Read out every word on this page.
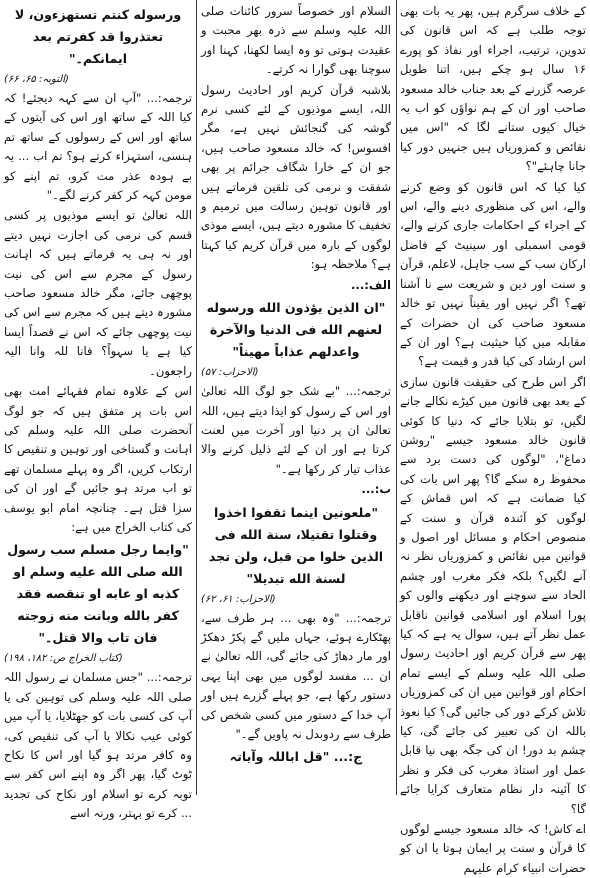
کے خلاف سرگرم ہیں، پھر یہ بات بھی توجہ طلب ہے کہ اس قانون کی تدوین، ترتیب، اجراء اور نفاذ کو پورے ۱۶ سال ہو چکے ہیں، اتنا طویل عرصہ گزرنے کے بعد جناب خالد مسعود صاحب اور ان کے ہم نواؤں کو اب یہ خیال کیوں ستانے لگا کہ "اس میں نقائص و کمزوریاں ہیں جنہیں دور کیا جانا چاہئے"؟

کیا کیا کہ اس قانون کو وضع کرنے والے، اس کی منظوری دینے والے، اس کے اجراء کے احکامات جاری کرنے والے، قومی اسمبلی اور سینیٹ کے فاضل ارکان سب کے سب جاہل، لاعلم، قرآن و سنت اور دین و شریعت سے نا آشنا تھے؟ اگر نہیں اور یقیناً نہیں تو خالد مسعود صاحب کی ان حضرات کے مقابلہ میں کیا حیثیت ہے؟ اور ان کے اس ارشاد کی کیا قدر و قیمت ہے؟

اگر اس طرح کی حقیقت قانون سازی کے بعد بھی قانون میں کیڑے نکالے جانے لگیں، تو بتلایا جائے کہ دنیا کا کوئی قانون خالد مسعود جیسے "روشن دماغ"، "لوگوں کی دست برد سے محفوظ رہ سکے گا؟ پھر اس بات کی کیا ضمانت ہے کہ اس قماش کے لوگوں کو آئندہ قرآن و سنت کے منصوص احکام و مسائل اور اصول و قوانین میں نقائص و کمزوریاں نظر نہ آنے لگیں؟ بلکہ فکر مغرب اور چشم الحاد سے سوچنے اور دیکھنے والوں کو پورا اسلام اور اسلامی قوانین ناقابل عمل نظر آتے ہیں، سوال یہ ہے کہ کیا پھر سے قرآن کریم اور احادیث رسول صلی اللہ علیہ وسلم کے ایسے تمام احکام اور قوانین میں ان کی کمزوریاں تلاش کرکے دور کی جائیں گی؟ کیا نعوذ باللہ ان کی تعبیر کی جائے گی، کیا چشم بد دور! ان کی جگہ بھی نیا قابل عمل اور استاذ مغرب کی فکر و نظر کا آئینہ دار نظام متعارف کرایا جائے گا؟

اے کاش! کہ خالد مسعود جیسے لوگوں کا قرآن و سنت پر ایمان ہوتا یا ان کو حضرات انبیاء کرام علیہم

السلام اور خصوصاً سرور کائنات صلی اللہ علیہ وسلم سے ذرہ بھر محبت و عقیدت ہوتی تو وہ ایسا لکھنا، کہنا اور سوچنا بھی گوارا نہ کرتے۔

بلاشبہ قرآن کریم اور احادیث رسول اللہ، ایسے موذیوں کے لئے کسی نرم گوشہ کی گنجائش نہیں ہے، مگر افسوس! کہ خالد مسعود صاحب ہیں، جو ان کے خارا شگاف جرائم پر بھی شفقت و نرمی کی تلقین فرماتے ہیں اور قانون توہین رسالت میں ترمیم و تخفیف کا مشورہ دیتے ہیں، ایسے موذی لوگوں کے بارہ میں قرآن کریم کیا کہتا ہے؟ ملاحظہ ہو:

الف:...

"ان الذین یؤذون الله ورسوله لعنهم الله فی الدنیا والآخرة واعدلهم عذاباً مهیناً"

(الاحزاب: ۵۷)

ترجمہ:... "بے شک جو لوگ اللہ تعالیٰ اور اس کے رسول کو ایذا دیتے ہیں، اللہ تعالیٰ ان پر دنیا اور آخرت میں لعنت کرتا ہے اور ان کے لئے ذلیل کرنے والا عذاب تیار کر رکھا ہے۔"

ب:...

"ملعونین اینما ثقفوا اخذوا وقتلوا تقتیلا، سنة الله فی الذین خلوا من قبل، ولن تجد لسنة الله تبدیلا"

(الاحزاب: ۶۱، ۶۲)

ترجمہ:... "وہ بھی ... ہر طرف سے، پھٹکارے ہوئے، جہاں ملیں گے پکڑ دھکڑ اور مار دھاڑ کی جائے گی، اللہ تعالیٰ نے ان ... مفسد لوگوں میں بھی اپنا یہی دستور رکھا ہے، جو پہلے گزرے ہیں اور آپ خدا کے دستور میں کسی شخص کی طرف سے ردوبدل نہ پاویں گے۔"

ج:... "قل اباللہ وآیاتہ

ورسوله کنتم تستهزءون، لا تعتذروا قد کفرتم بعد ایمانکم۔"

(التوبہ: ۶۵، ۶۶)

ترجمہ:... "آپ ان سے کہہ دیجئے! کہ کیا اللہ کے ساتھ اور اس کی آیتوں کے ساتھ اور اس کے رسولوں کے ساتھ تم ہنسی، استہزاء کرتے ہو؟ تم اب ... یہ بے ہودہ عذر مت کرو، تم اپنے کو مومن کہہ کر کفر کرنے لگے۔"

اللہ تعالیٰ تو ایسے موذیوں پر کسی قسم کی نرمی کی اجازت نہیں دیتے اور نہ ہی یہ فرماتے ہیں کہ اہانت رسول کے مجرم سے اس کی نیت پوچھی جائے، مگر خالد مسعود صاحب مشورہ دیتے ہیں کہ مجرم سے اس کی نیت پوچھی جائے کہ اس نے قصداً ایسا کیا ہے یا سہواً؟ فانا للہ وانا الیہ راجعون۔

اس کے علاوہ تمام فقہائے امت بھی اس بات پر متفق ہیں کہ جو لوگ آنحضرت صلی اللہ علیہ وسلم کی اہانت و گستاخی اور توہین و تنقیص کا ارتکاب کریں، اگر وہ پہلے مسلمان تھے تو اب مرتد ہو جائیں گے اور ان کی سزا قتل ہے۔ چنانچہ امام ابو یوسف کی کتاب الخراج میں ہے:

"وایما رجل مسلم سب رسول الله صلی الله علیه وسلم او کذبه او عابه او تنقصه فقد کفر بالله وبانت منه زوجته فان تاب والا قتل۔"

(کتاب الخراج ص: ۱۸۲، ۱۹۸)

ترجمہ:... "جس مسلمان نے رسول اللہ صلی اللہ علیہ وسلم کی توہین کی یا آپ کی کسی بات کو جھٹلایا، یا آپ میں کوئی عیب نکالا یا آپ کی تنقیص کی، وہ کافر مرتد ہو گیا اور اس کا نکاح ٹوٹ گیا، پھر اگر وہ اپنے اس کفر سے توبہ کرے تو اسلام اور نکاح کی تجدید ... کرے تو بہتر، ورنہ اسے
